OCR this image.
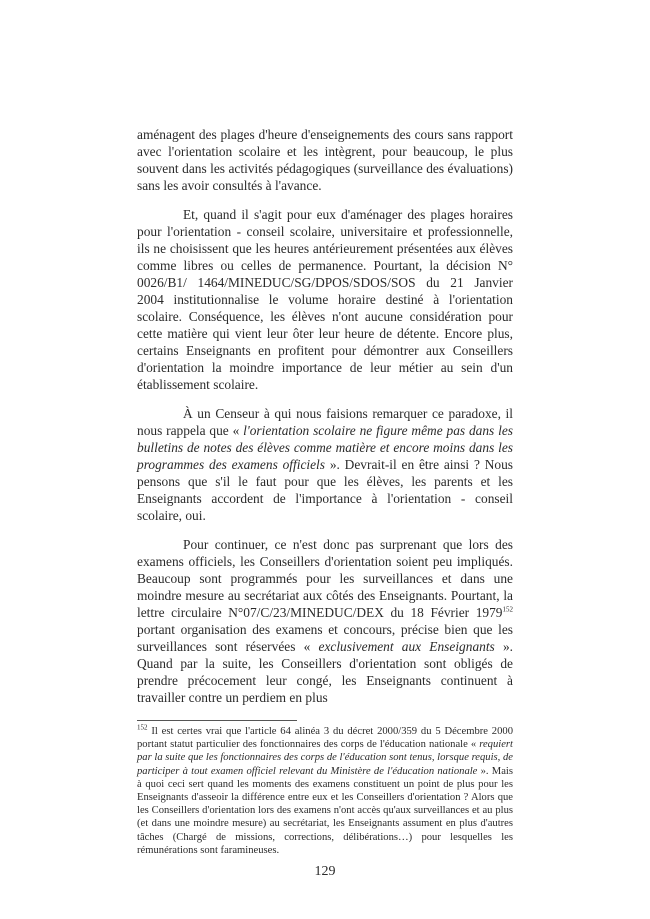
aménagent des plages d'heure d'enseignements des cours sans rapport avec l'orientation scolaire et les intègrent, pour beaucoup, le plus souvent dans les activités pédagogiques (surveillance des évaluations) sans les avoir consultés à l'avance.

Et, quand il s'agit pour eux d'aménager des plages horaires pour l'orientation - conseil scolaire, universitaire et professionnelle, ils ne choisissent que les heures antérieurement présentées aux élèves comme libres ou celles de permanence. Pourtant, la décision N° 0026/B1/ 1464/MINEDUC/SG/DPOS/SDOS/SOS du 21 Janvier 2004 institutionnalise le volume horaire destiné à l'orientation scolaire. Conséquence, les élèves n'ont aucune considération pour cette matière qui vient leur ôter leur heure de détente. Encore plus, certains Enseignants en profitent pour démontrer aux Conseillers d'orientation la moindre importance de leur métier au sein d'un établissement scolaire.

À un Censeur à qui nous faisions remarquer ce paradoxe, il nous rappela que « l'orientation scolaire ne figure même pas dans les bulletins de notes des élèves comme matière et encore moins dans les programmes des examens officiels ». Devrait-il en être ainsi ? Nous pensons que s'il le faut pour que les élèves, les parents et les Enseignants accordent de l'importance à l'orientation - conseil scolaire, oui.

Pour continuer, ce n'est donc pas surprenant que lors des examens officiels, les Conseillers d'orientation soient peu impliqués. Beaucoup sont programmés pour les surveillances et dans une moindre mesure au secrétariat aux côtés des Enseignants. Pourtant, la lettre circulaire N°07/C/23/MINEDUC/DEX du 18 Février 1979$^{152}$ portant organisation des examens et concours, précise bien que les surveillances sont réservées « exclusivement aux Enseignants ». Quand par la suite, les Conseillers d'orientation sont obligés de prendre précocement leur congé, les Enseignants continuent à travailler contre un perdiem en plus

$^{152}$ Il est certes vrai que l'article 64 alinéa 3 du décret 2000/359 du 5 Décembre 2000 portant statut particulier des fonctionnaires des corps de l'éducation nationale « requiert par la suite que les fonctionnaires des corps de l'éducation sont tenus, lorsque requis, de participer à tout examen officiel relevant du Ministère de l'éducation nationale ». Mais à quoi ceci sert quand les moments des examens constituent un point de plus pour les Enseignants d'asseoir la différence entre eux et les Conseillers d'orientation ? Alors que les Conseillers d'orientation lors des examens n'ont accès qu'aux surveillances et au plus (et dans une moindre mesure) au secrétariat, les Enseignants assument en plus d'autres tâches (Chargé de missions, corrections, délibérations…) pour lesquelles les rémunérations sont faramineuses.
129
